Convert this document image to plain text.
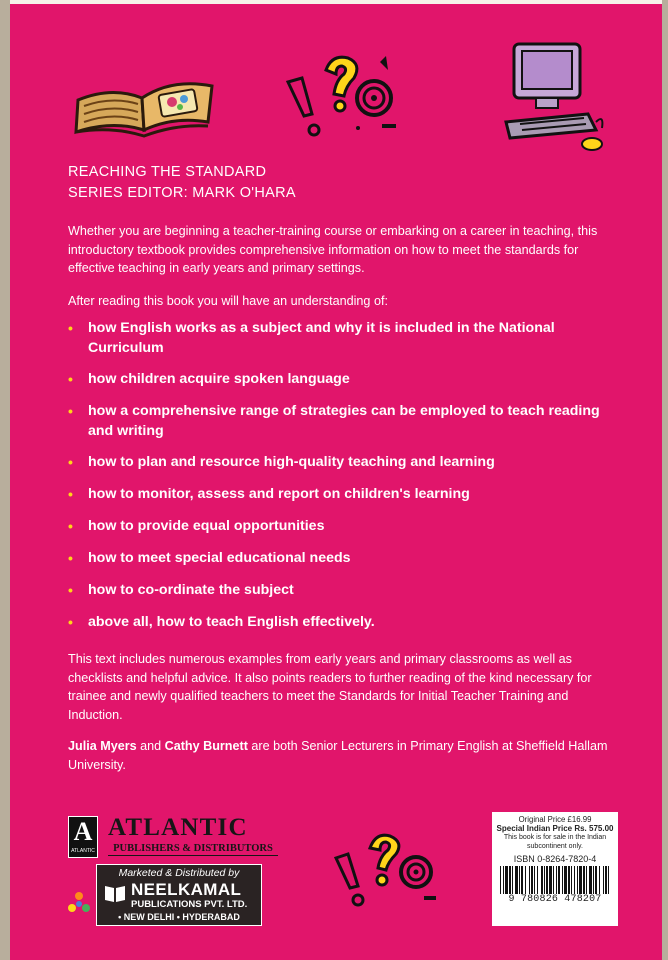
REACHING THE STANDARD
SERIES EDITOR: MARK O'HARA

Whether you are beginning a teacher-training course or embarking on a career in teaching, this introductory textbook provides comprehensive information on how to meet the standards for effective teaching in early years and primary settings.

After reading this book you will have an understanding of:

• how English works as a subject and why it is included in the National Curriculum
• how children acquire spoken language
• how a comprehensive range of strategies can be employed to teach reading and writing
• how to plan and resource high-quality teaching and learning
• how to monitor, assess and report on children's learning
• how to provide equal opportunities
• how to meet special educational needs
• how to co-ordinate the subject
• above all, how to teach English effectively.

This text includes numerous examples from early years and primary classrooms as well as checklists and helpful advice. It also points readers to further reading of the kind necessary for trainee and newly qualified teachers to meet the Standards for Initial Teacher Training and Induction.

Julia Myers and Cathy Burnett are both Senior Lecturers in Primary English at Sheffield Hallam University.

A
ATLANTIC
ATLANTIC
PUBLISHERS & DISTRIBUTORS
Marketed & Distributed by
NEELKAMAL
PUBLICATIONS PVT. LTD.
• NEW DELHI • HYDERABAD
Original Price £16.99
Special Indian Price Rs. 575.00
This book is for sale in the Indian subcontinent only.
ISBN 0-8264-7820-4
9 780826 478207
